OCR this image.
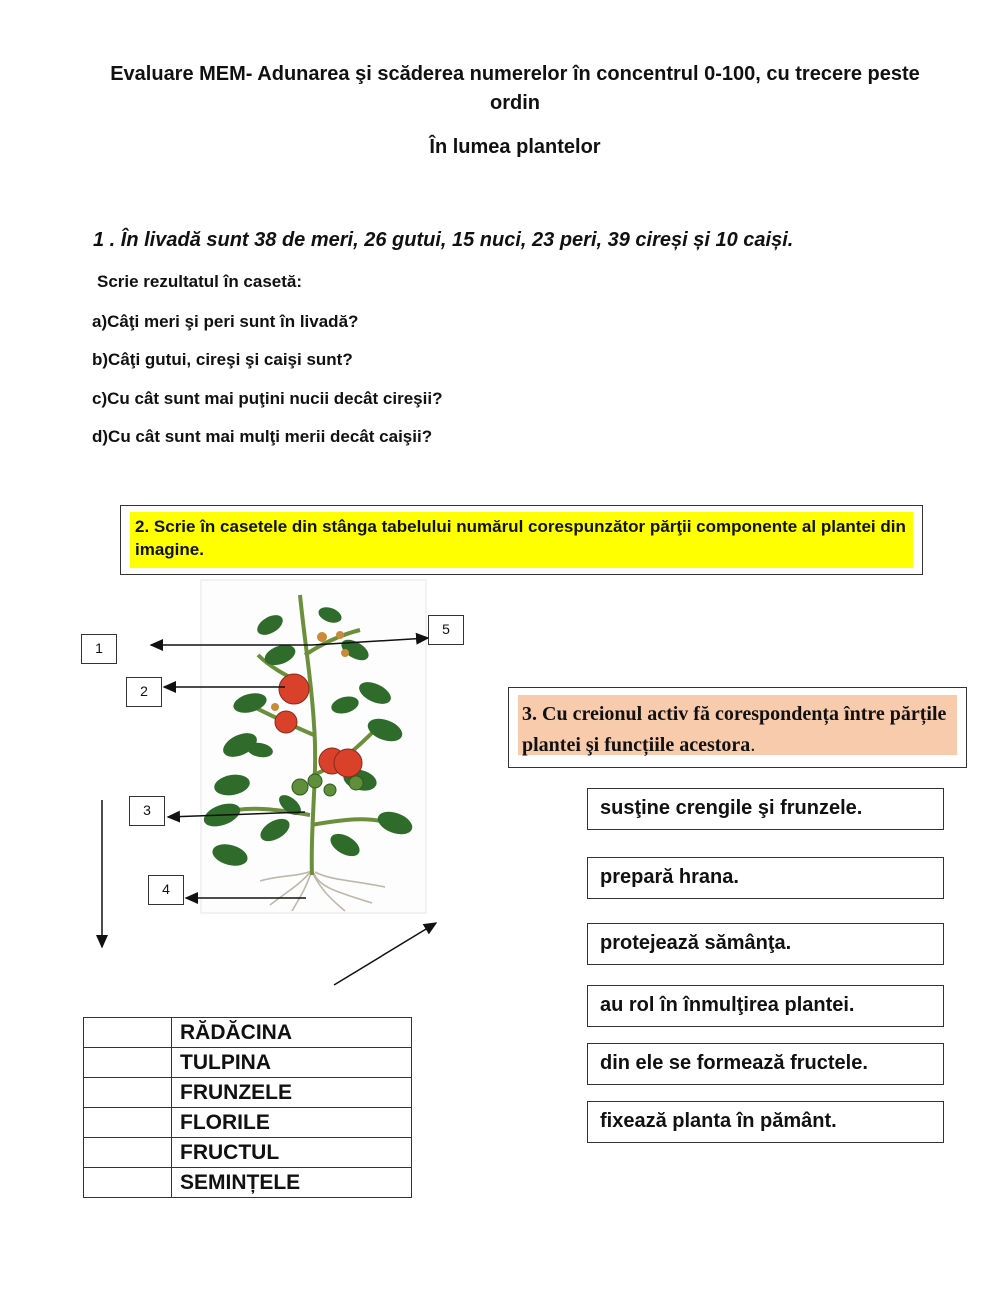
Evaluare MEM- Adunarea şi scăderea numerelor în concentrul 0-100, cu trecere peste ordin
În lumea plantelor
1 . În livadă sunt 38 de meri, 26 gutui, 15 nuci, 23 peri, 39 cireși și 10 caiși.
Scrie rezultatul în casetă:
a)Câţi meri şi peri sunt în livadă?
b)Câţi gutui, cireşi şi caişi sunt?
c)Cu cât sunt mai puţini nucii decât cireşii?
d)Cu cât sunt mai mulţi merii decât caişii?
2. Scrie în casetele din stânga tabelului numărul corespunzător părţii componente al plantei din imagine.
1
2
3
4
5
3. Cu creionul activ fă corespondența între părțile plantei şi funcțiile acestora.
susţine crengile şi frunzele.
prepară hrana.
protejează sămânţa.
au rol în înmulţirea plantei.
din ele se formează fructele.
fixează planta în pământ.
	RĂDĂCINA
	TULPINA
	FRUNZELE
	FLORILE
	FRUCTUL
	SEMINȚELE
